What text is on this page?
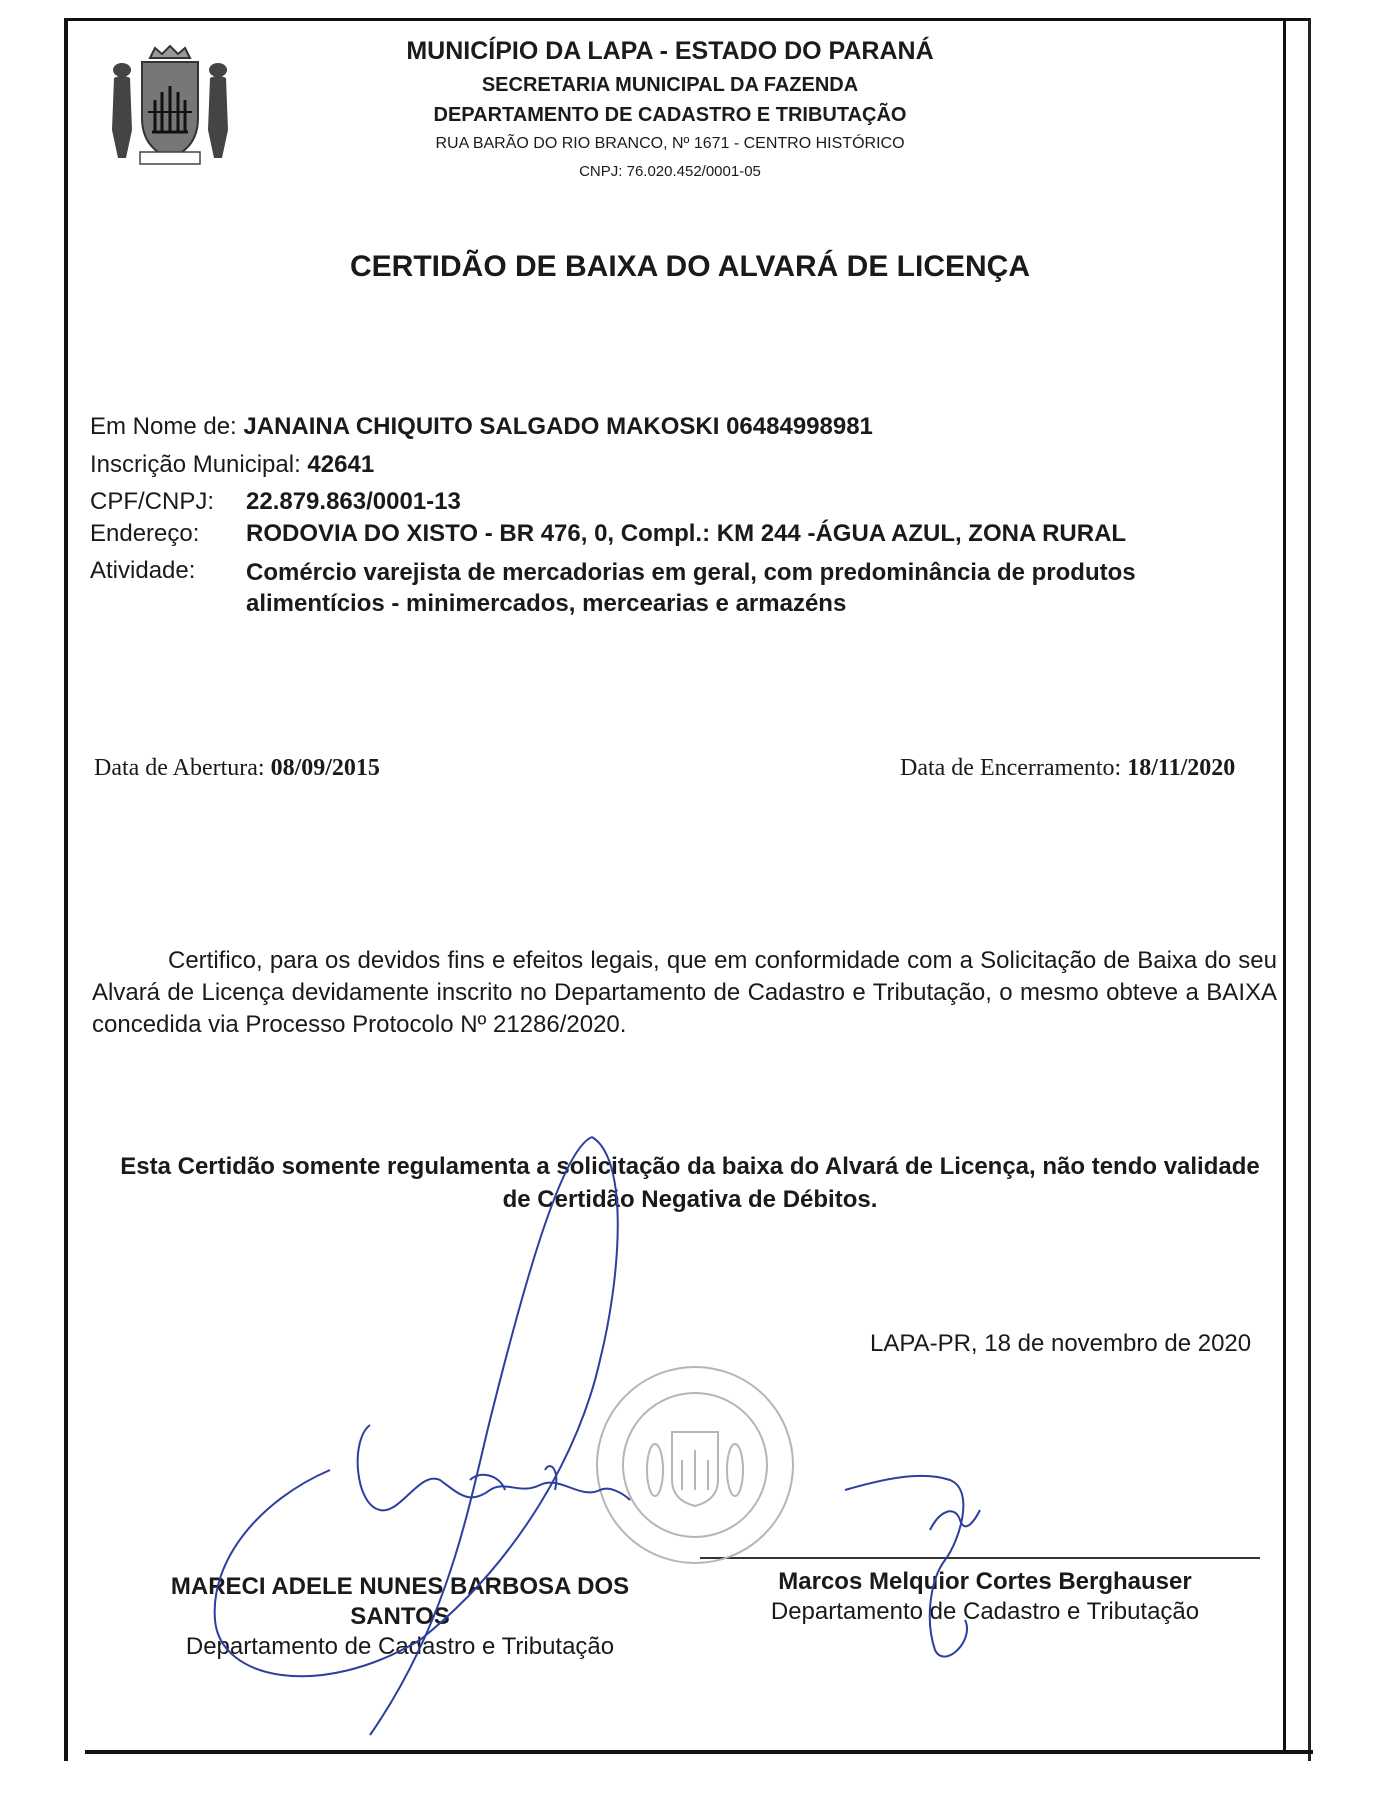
MUNICÍPIO DA LAPA - ESTADO DO PARANÁ
SECRETARIA MUNICIPAL DA FAZENDA
DEPARTAMENTO DE CADASTRO E TRIBUTAÇÃO
RUA BARÃO DO RIO BRANCO, Nº 1671 - CENTRO HISTÓRICO
CNPJ: 76.020.452/0001-05
CERTIDÃO DE BAIXA DO ALVARÁ DE LICENÇA
Em Nome de: JANAINA CHIQUITO SALGADO MAKOSKI 06484998981
Inscrição Municipal: 42641
CPF/CNPJ: 22.879.863/0001-13
Endereço: RODOVIA DO XISTO - BR 476, 0, Compl.: KM 244 -ÁGUA AZUL, ZONA RURAL
Atividade: Comércio varejista de mercadorias em geral, com predominância de produtos alimentícios - minimercados, mercearias e armazéns
Data de Abertura: 08/09/2015	Data de Encerramento: 18/11/2020
Certifico, para os devidos fins e efeitos legais, que em conformidade com a Solicitação de Baixa do seu Alvará de Licença devidamente inscrito no Departamento de Cadastro e Tributação, o mesmo obteve a BAIXA concedida via Processo Protocolo Nº 21286/2020.
Esta Certidão somente regulamenta a solicitação da baixa do Alvará de Licença, não tendo validade de Certidão Negativa de Débitos.
LAPA-PR, 18 de novembro de 2020
MARECI ADELE NUNES BARBOSA DOS SANTOS
Departamento de Cadastro e Tributação
Marcos Melquior Cortes Berghauser
Departamento de Cadastro e Tributação
